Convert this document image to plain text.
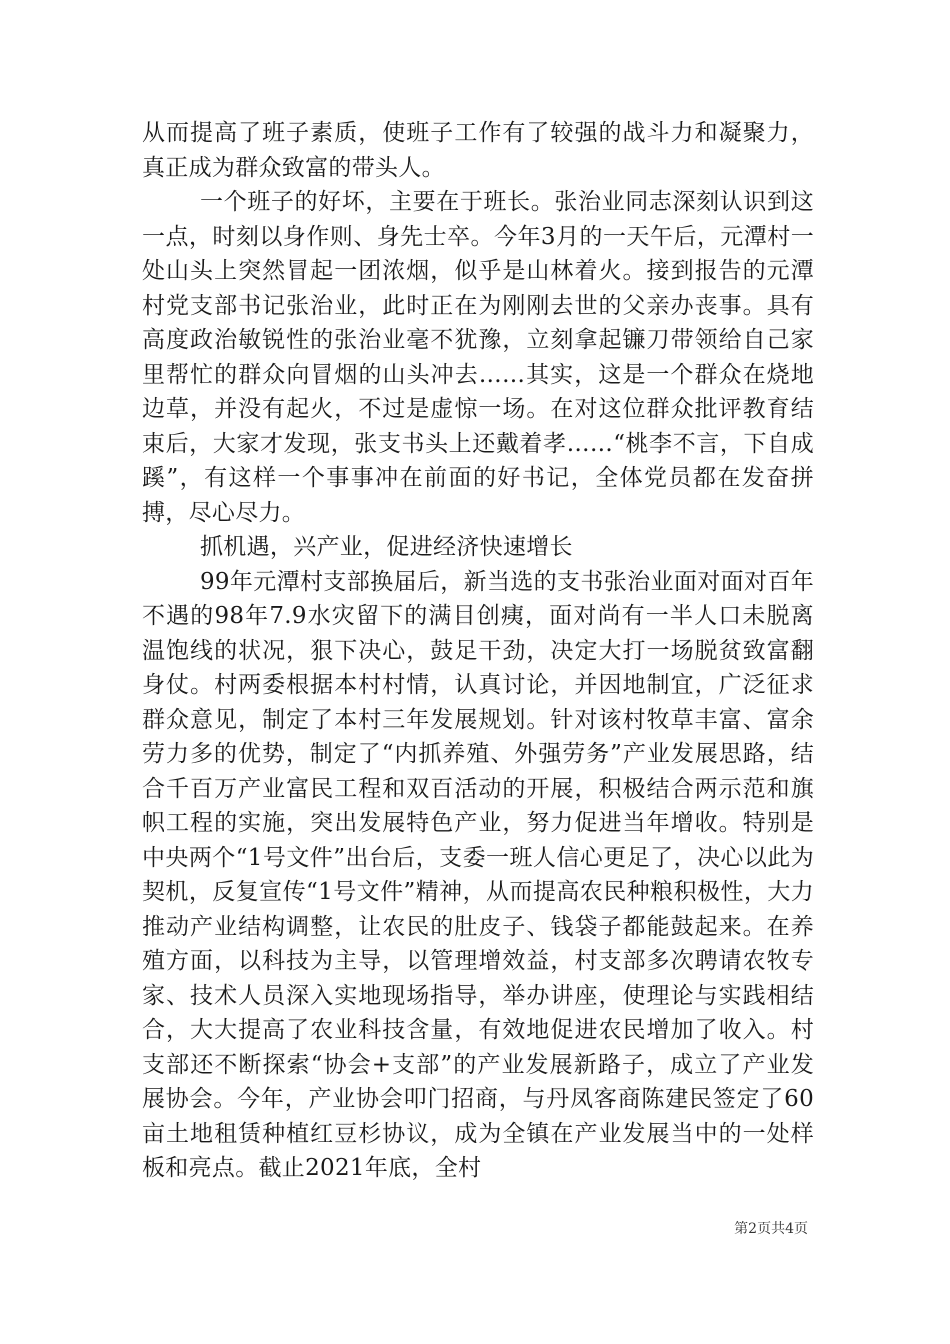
从而提高了班子素质，使班子工作有了较强的战斗力和凝聚力，真正成为群众致富的带头人。

一个班子的好坏，主要在于班长。张治业同志深刻认识到这一点，时刻以身作则、身先士卒。今年3月的一天午后，元潭村一处山头上突然冒起一团浓烟，似乎是山林着火。接到报告的元潭村党支部书记张治业，此时正在为刚刚去世的父亲办丧事。具有高度政治敏锐性的张治业毫不犹豫，立刻拿起镰刀带领给自己家里帮忙的群众向冒烟的山头冲去……其实，这是一个群众在烧地边草，并没有起火，不过是虚惊一场。在对这位群众批评教育结束后，大家才发现，张支书头上还戴着孝……“桃李不言，下自成蹊”，有这样一个事事冲在前面的好书记，全体党员都在发奋拼搏，尽心尽力。

抓机遇，兴产业，促进经济快速增长

99年元潭村支部换届后，新当选的支书张治业面对面对百年不遇的98年7.9水灾留下的满目创痍，面对尚有一半人口未脱离温饱线的状况，狠下决心，鼓足干劲，决定大打一场脱贫致富翻身仗。村两委根据本村村情，认真讨论，并因地制宜，广泛征求群众意见，制定了本村三年发展规划。针对该村牧草丰富、富余劳力多的优势，制定了“内抓养殖、外强劳务”产业发展思路，结合千百万产业富民工程和双百活动的开展，积极结合两示范和旗帜工程的实施，突出发展特色产业，努力促进当年增收。特别是中央两个“1号文件”出台后，支委一班人信心更足了，决心以此为契机，反复宣传“1号文件”精神，从而提高农民种粮积极性，大力推动产业结构调整，让农民的肚皮子、钱袋子都能鼓起来。在养殖方面，以科技为主导，以管理增效益，村支部多次聘请农牧专家、技术人员深入实地现场指导，举办讲座，使理论与实践相结合，大大提高了农业科技含量，有效地促进农民增加了收入。村支部还不断探索“协会+支部”的产业发展新路子，成立了产业发展协会。今年，产业协会叩门招商，与丹凤客商陈建民签定了60亩土地租赁种植红豆杉协议，成为全镇在产业发展当中的一处样板和亮点。截止2021年底，全村

第2页共4页
